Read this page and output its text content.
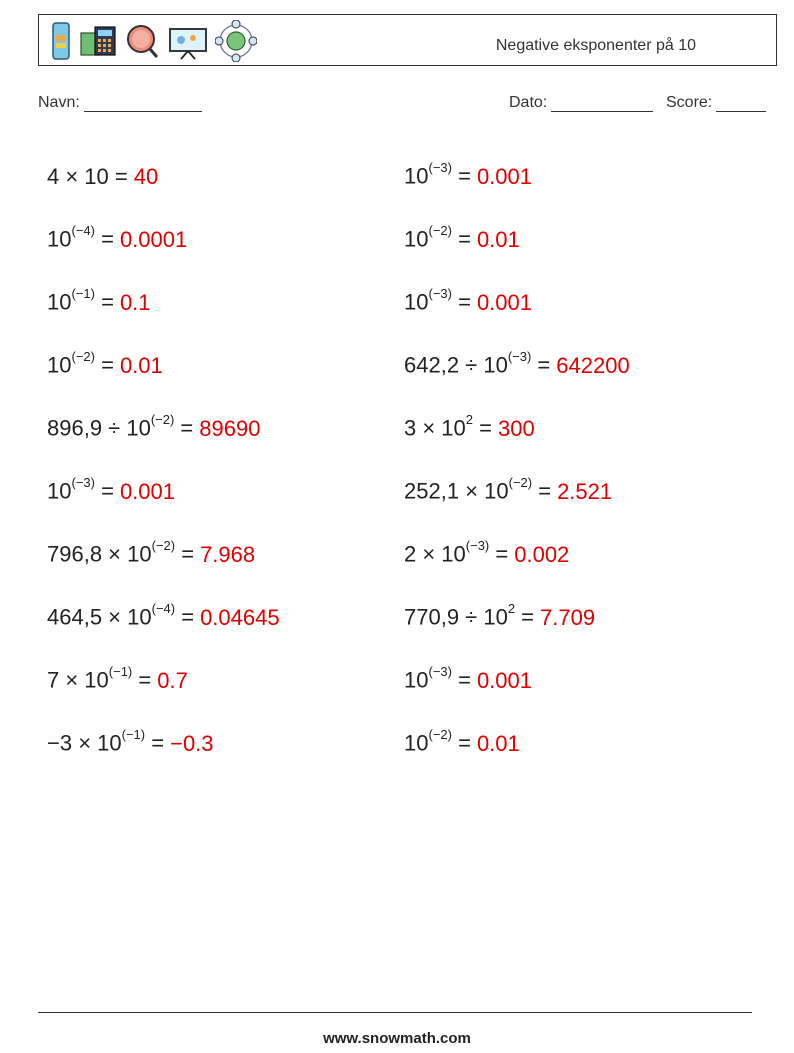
Negative eksponenter på 10
Navn:	Dato:	Score:
4 × 10 = 40
$10^{(-4)} = 0.0001$
$10^{(-1)} = 0.1$
$10^{(-2)} = 0.01$
$896,9 \div 10^{(-2)} = 89690$
$10^{(-3)} = 0.001$
$796,8 \times 10^{(-2)} = 7.968$
$464,5 \times 10^{(-4)} = 0.04645$
$7 \times 10^{(-1)} = 0.7$
$-3 \times 10^{(-1)} = -0.3$
$10^{(-3)} = 0.001$
$10^{(-2)} = 0.01$
$10^{(-3)} = 0.001$
$642,2 \div 10^{(-3)} = 642200$
$3 \times 10^2 = 300$
$252,1 \times 10^{(-2)} = 2.521$
$2 \times 10^{(-3)} = 0.002$
$770,9 \div 10^2 = 7.709$
$10^{(-3)} = 0.001$
$10^{(-2)} = 0.01$
www.snowmath.com
